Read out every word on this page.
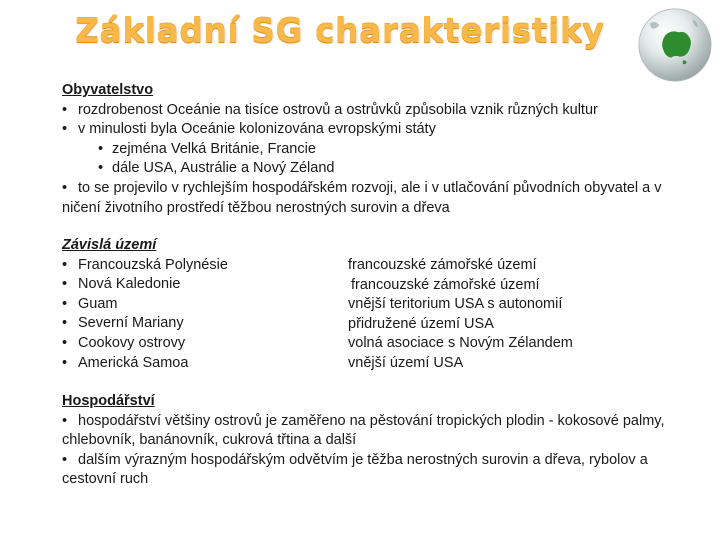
Základní SG charakteristiky
Obyvatelstvo
• rozdrobenost Oceánie na tisíce ostrovů a ostrůvků způsobila vznik různých kultur
• v minulosti byla Oceánie kolonizována evropskými státy
• zejména Velká Británie, Francie
• dále USA, Austrálie a Nový Zéland
• to se projevilo v rychlejším hospodářském rozvoji, ale i v utlačování původních obyvatel a v ničení životního prostředí těžbou nerostných surovin a dřeva
Závislá území
• Francouzská Polynésie
• Nová Kaledonie
• Guam
• Severní Mariany
• Cookovy ostrovy
• Americká Samoa
francouzské zámořské území
francouzské zámořské území
vnější teritorium USA s autonomií
přidružené území USA
volná asociace s Novým Zélandem
vnější území USA
Hospodářství
• hospodářství většiny ostrovů je zaměřeno na pěstování tropických plodin - kokosové palmy, chlebovník, banánovník, cukrová třtina a další
• dalším výrazným hospodářským odvětvím je těžba nerostných surovin a dřeva, rybolov a cestovní ruch
